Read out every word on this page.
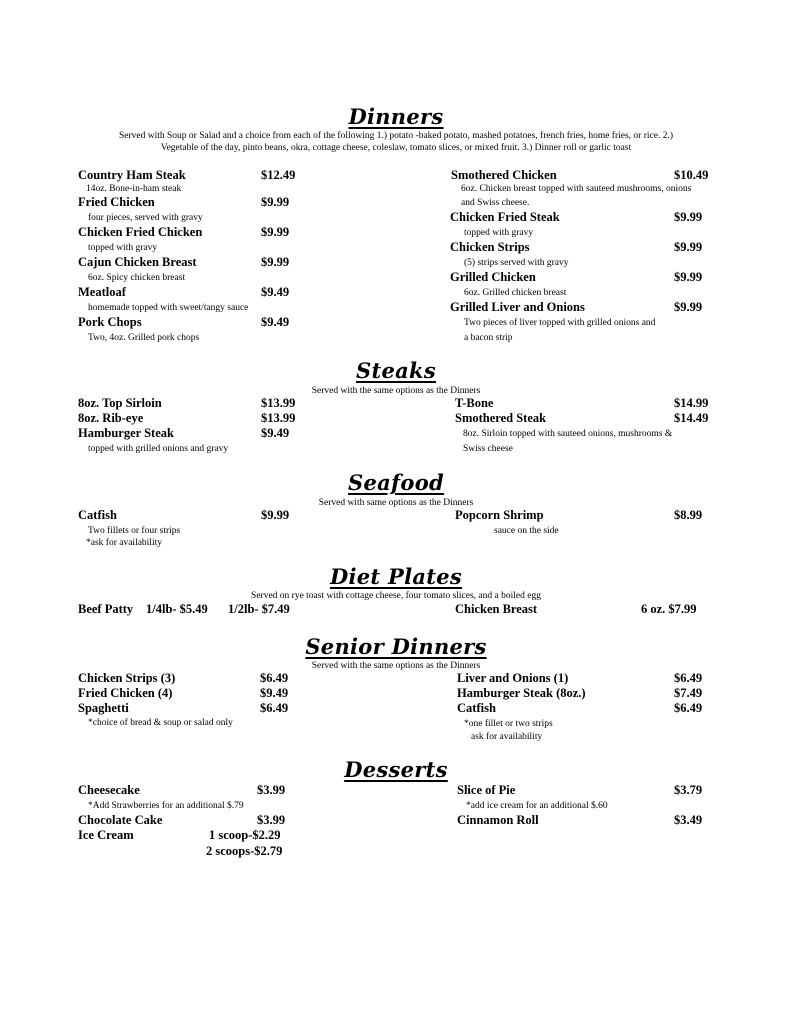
Dinners
Served with Soup or Salad and a choice from each of the following 1.) potato -baked potato, mashed potatoes, french fries, home fries, or rice. 2.)
Vegetable of the day, pinto beans, okra, cottage cheese, coleslaw, tomato slices, or mixed fruit. 3.) Dinner roll or garlic toast
Country Ham Steak	$12.49
14oz. Bone-in-ham steak
Fried Chicken	$9.99
four pieces, served with gravy
Chicken Fried Chicken	$9.99
topped with gravy
Cajun Chicken Breast	$9.99
6oz. Spicy chicken breast
Meatloaf	$9.49
homemade topped with sweet/tangy sauce
Pork Chops	$9.49
Two, 4oz. Grilled pork chops
Smothered Chicken	$10.49
6oz. Chicken breast topped with sauteed mushrooms, onions
and Swiss cheese.
Chicken Fried Steak	$9.99
topped with gravy
Chicken Strips	$9.99
(5) strips served with gravy
Grilled Chicken	$9.99
6oz. Grilled chicken breast
Grilled Liver and Onions	$9.99
Two pieces of liver topped with grilled onions and
a bacon strip
Steaks
Served with the same options as the Dinners
8oz. Top Sirloin	$13.99
8oz. Rib-eye	$13.99
Hamburger Steak	$9.49
topped with grilled onions and gravy
T-Bone	$14.99
Smothered Steak	$14.49
8oz. Sirloin topped with sauteed onions, mushrooms &
Swiss cheese
Seafood
Served with same options as the Dinners
Catfish	$9.99
Two fillets or four strips
*ask for availability
Popcorn Shrimp	$8.99
sauce on the side
Diet Plates
Served on rye toast with cottage cheese, four tomato slices, and a boiled egg
Beef Patty 1/4lb- $5.49 1/2lb- $7.49	Chicken Breast	6 oz. $7.99
Senior Dinners
Served with the same options as the Dinners
Chicken Strips (3)	$6.49
Fried Chicken (4)	$9.49
Spaghetti	$6.49
*choice of bread & soup or salad only
Liver and Onions (1)	$6.49
Hamburger Steak (8oz.)	$7.49
Catfish	$6.49
*one fillet or two strips
ask for availability
Desserts
Cheesecake	$3.99
*Add Strawberries for an additional $.79
Chocolate Cake	$3.99
Ice Cream	1 scoop-$2.29
2 scoops-$2.79
Slice of Pie	$3.79
*add ice cream for an additional $.60
Cinnamon Roll	$3.49
